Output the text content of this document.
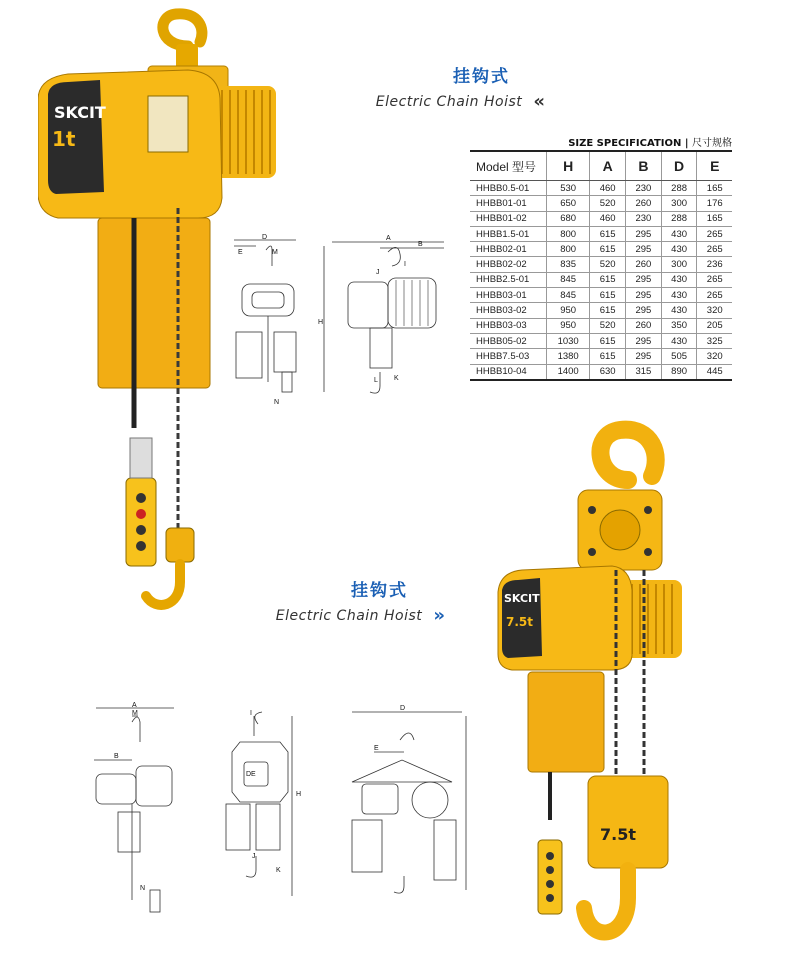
SKCIT
1t
挂钩式
Electric Chain Hoist «
SIZE SPECIFICATION | 尺寸规格
Model 型号	H	A	B	D	E
HHBB0.5-01	530	460	230	288	165
HHBB01-01	650	520	260	300	176
HHBB01-02	680	460	230	288	165
HHBB1.5-01	800	615	295	430	265
HHBB02-01	800	615	295	430	265
HHBB02-02	835	520	260	300	236
HHBB2.5-01	845	615	295	430	265
HHBB03-01	845	615	295	430	265
HHBB03-02	950	615	295	430	320
HHBB03-03	950	520	260	350	205
HHBB05-02	1030	615	295	430	325
HHBB7.5-03	1380	615	295	505	320
HHBB10-04	1400	630	315	890	445
D
E	M
N
A
B
I
J
H
L K
挂钩式
Electric Chain Hoist »
SKCIT
7.5t
7.5t
A
M
B
N
I
DE
H
J
K
D
E
